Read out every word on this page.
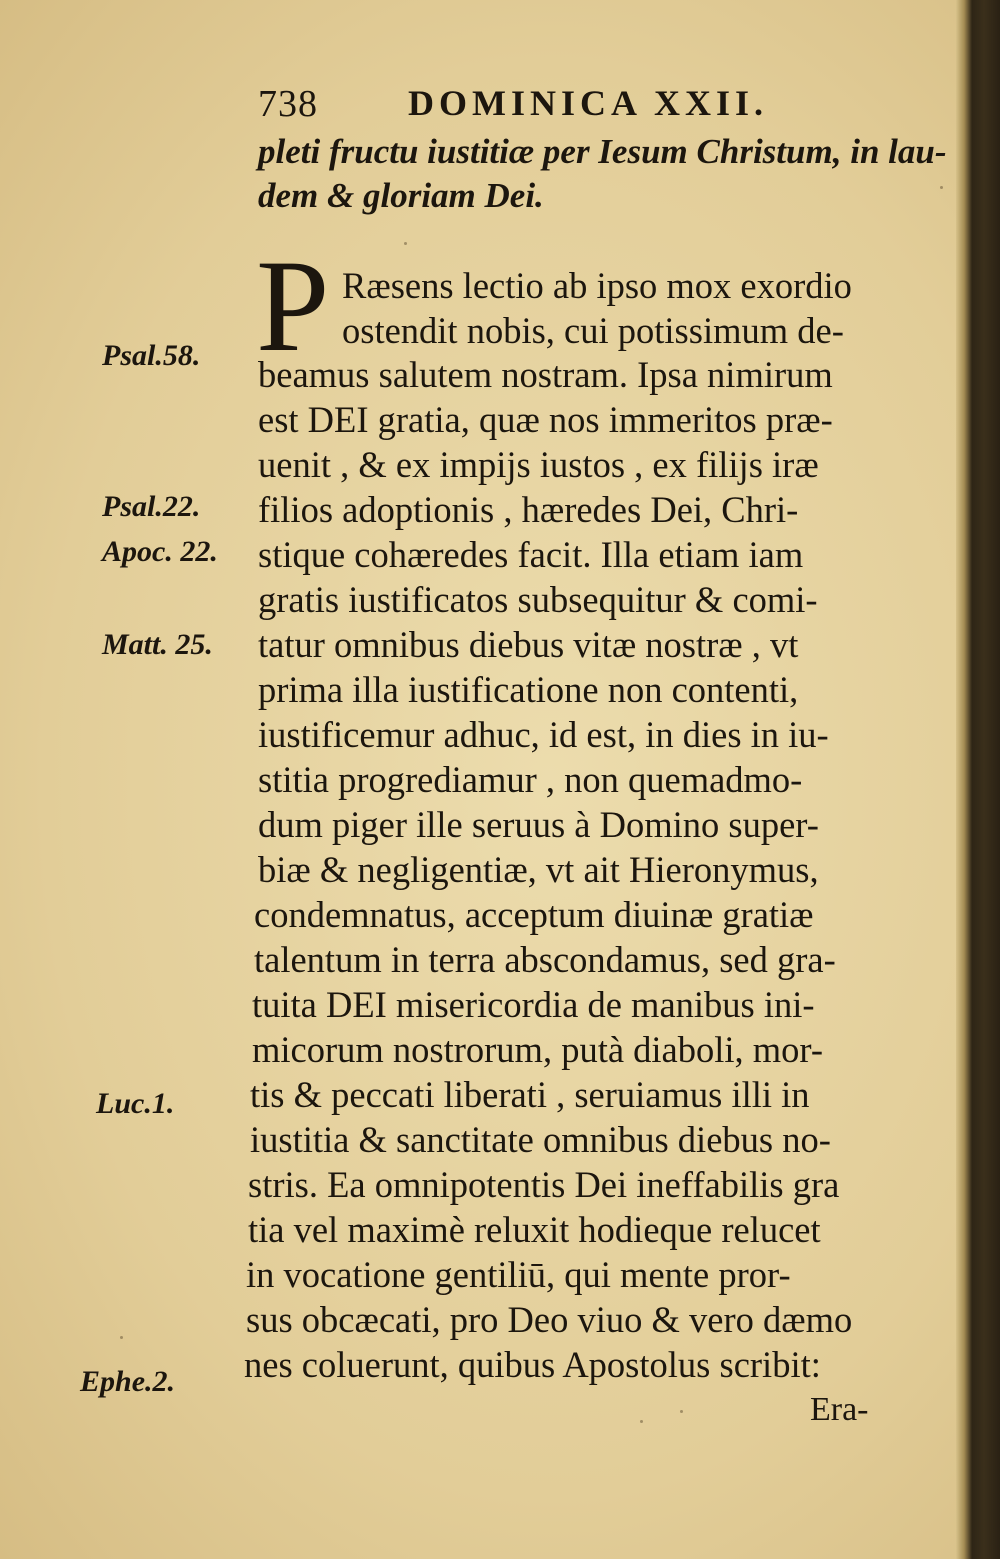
738	DOMINICA XXII.
pleti fructu iustitiæ per Iesum Christum, in lau-
dem & gloriam Dei.
P Ræsens lectio ab ipso mox exordio
ostendit nobis, cui potissimum de-
beamus salutem nostram. Ipsa nimirum
est DEI gratia, quæ nos immeritos præ-
uenit , & ex impijs iustos , ex filijs iræ
filios adoptionis , hæredes Dei, Chri-
stique cohæredes facit. Illa etiam iam
gratis iustificatos subsequitur & comi-
tatur omnibus diebus vitæ nostræ , vt
prima illa iustificatione non contenti,
iustificemur adhuc, id est, in dies in iu-
stitia progrediamur , non quemadmo-
dum piger ille seruus à Domino super-
biæ & negligentiæ, vt ait Hieronymus,
condemnatus, acceptum diuinæ gratiæ
talentum in terra abscondamus, sed gra-
tuita DEI misericordia de manibus ini-
micorum nostrorum, putà diaboli, mor-
tis & peccati liberati , seruiamus illi in
iustitia & sanctitate omnibus diebus no-
stris. Ea omnipotentis Dei ineffabilis gra
tia vel maximè reluxit hodieque relucet
in vocatione gentiliū, qui mente pror-
sus obcæcati, pro Deo viuo & vero dæmo
nes coluerunt, quibus Apostolus scribit:
Era-
Psal.58.
Psal.22.
Apoc. 22.
Matt. 25.
Luc.1.
Ephe.2.
